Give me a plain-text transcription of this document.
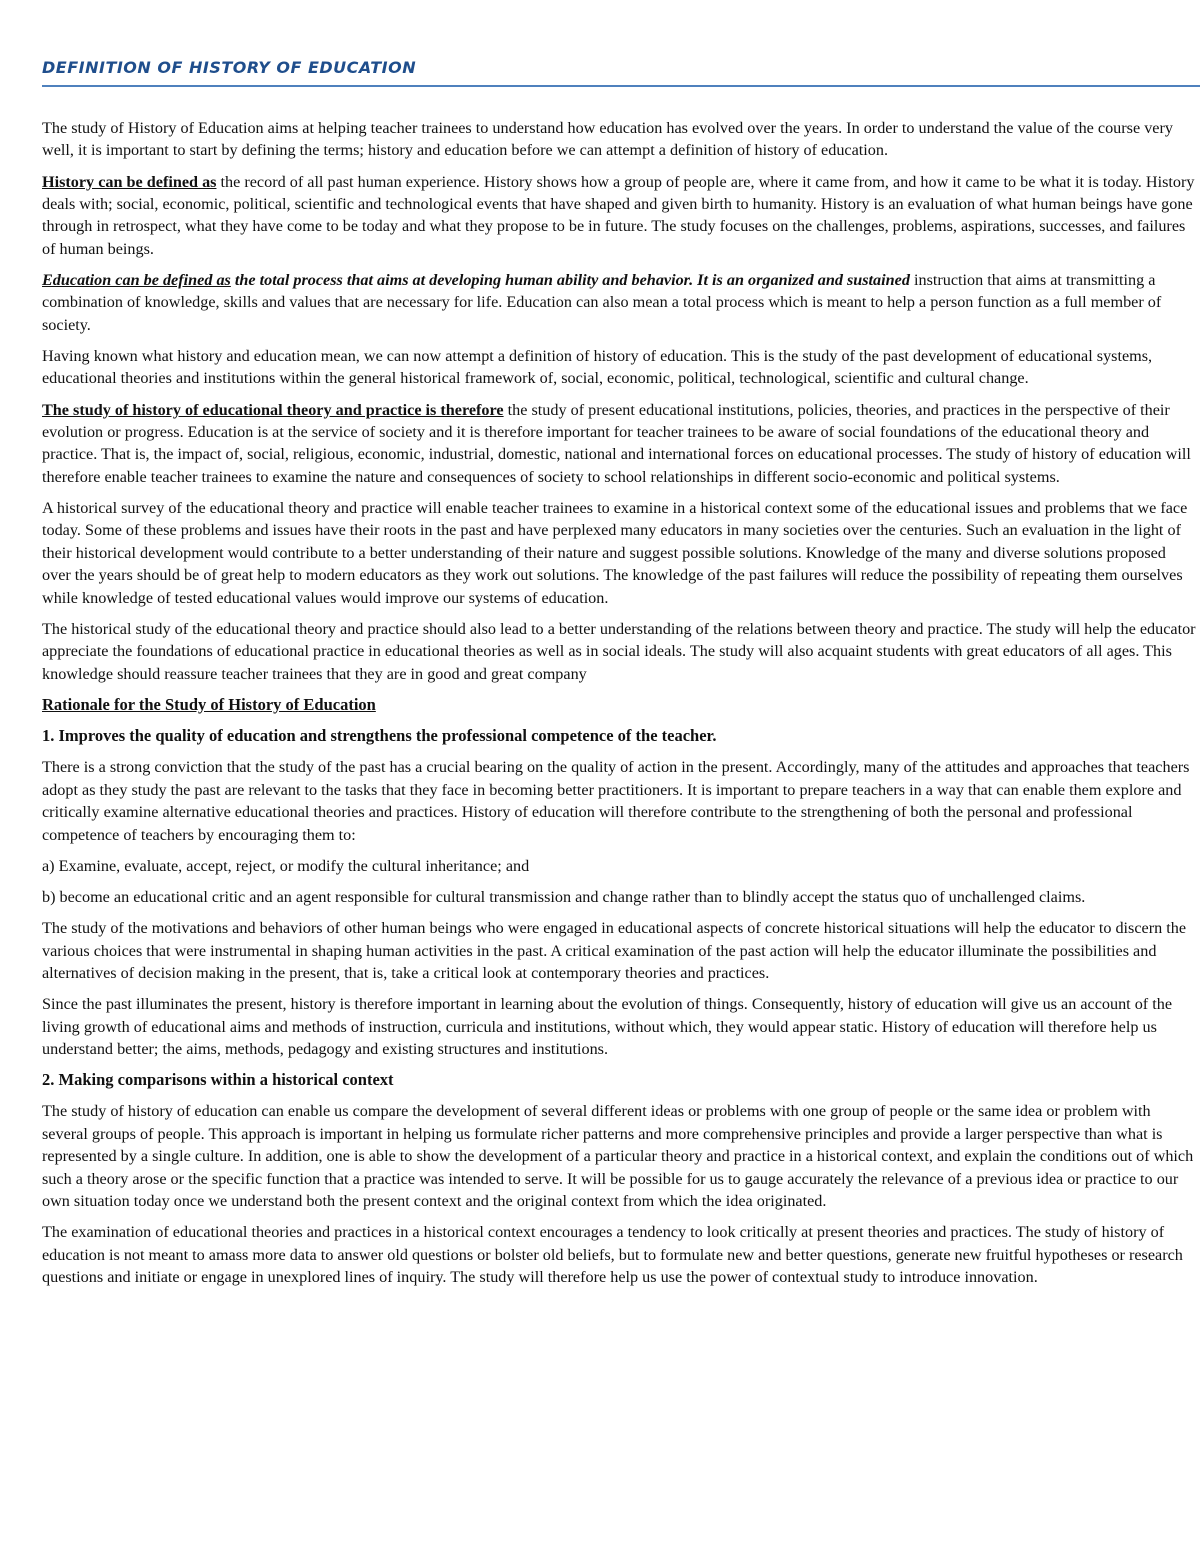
DEFINITION OF HISTORY OF EDUCATION

The study of History of Education aims at helping teacher trainees to understand how education has evolved over the years. In order to understand the value of the course very well, it is important to start by defining the terms; history and education before we can attempt a definition of history of education.

History can be defined as the record of all past human experience. History shows how a group of people are, where it came from, and how it came to be what it is today. History deals with; social, economic, political, scientific and technological events that have shaped and given birth to humanity. History is an evaluation of what human beings have gone through in retrospect, what they have come to be today and what they propose to be in future. The study focuses on the challenges, problems, aspirations, successes, and failures of human beings.

Education can be defined as the total process that aims at developing human ability and behavior. It is an organized and sustained instruction that aims at transmitting a combination of knowledge, skills and values that are necessary for life. Education can also mean a total process which is meant to help a person function as a full member of society.

Having known what history and education mean, we can now attempt a definition of history of education. This is the study of the past development of educational systems, educational theories and institutions within the general historical framework of, social, economic, political, technological, scientific and cultural change.

The study of history of educational theory and practice is therefore the study of present educational institutions, policies, theories, and practices in the perspective of their evolution or progress. Education is at the service of society and it is therefore important for teacher trainees to be aware of social foundations of the educational theory and practice. That is, the impact of, social, religious, economic, industrial, domestic, national and international forces on educational processes. The study of history of education will therefore enable teacher trainees to examine the nature and consequences of society to school relationships in different socio-economic and political systems.

A historical survey of the educational theory and practice will enable teacher trainees to examine in a historical context some of the educational issues and problems that we face today. Some of these problems and issues have their roots in the past and have perplexed many educators in many societies over the centuries. Such an evaluation in the light of their historical development would contribute to a better understanding of their nature and suggest possible solutions. Knowledge of the many and diverse solutions proposed over the years should be of great help to modern educators as they work out solutions. The knowledge of the past failures will reduce the possibility of repeating them ourselves while knowledge of tested educational values would improve our systems of education.

The historical study of the educational theory and practice should also lead to a better understanding of the relations between theory and practice. The study will help the educator appreciate the foundations of educational practice in educational theories as well as in social ideals. The study will also acquaint students with great educators of all ages. This knowledge should reassure teacher trainees that they are in good and great company

Rationale for the Study of History of Education
1. Improves the quality of education and strengthens the professional competence of the teacher.

There is a strong conviction that the study of the past has a crucial bearing on the quality of action in the present. Accordingly, many of the attitudes and approaches that teachers adopt as they study the past are relevant to the tasks that they face in becoming better practitioners. It is important to prepare teachers in a way that can enable them explore and critically examine alternative educational theories and practices. History of education will therefore contribute to the strengthening of both the personal and professional competence of teachers by encouraging them to:

a) Examine, evaluate, accept, reject, or modify the cultural inheritance; and

b) become an educational critic and an agent responsible for cultural transmission and change rather than to blindly accept the status quo of unchallenged claims.

The study of the motivations and behaviors of other human beings who were engaged in educational aspects of concrete historical situations will help the educator to discern the various choices that were instrumental in shaping human activities in the past. A critical examination of the past action will help the educator illuminate the possibilities and alternatives of decision making in the present, that is, take a critical look at contemporary theories and practices.

Since the past illuminates the present, history is therefore important in learning about the evolution of things. Consequently, history of education will give us an account of the living growth of educational aims and methods of instruction, curricula and institutions, without which, they would appear static. History of education will therefore help us understand better; the aims, methods, pedagogy and existing structures and institutions.

2. Making comparisons within a historical context

The study of history of education can enable us compare the development of several different ideas or problems with one group of people or the same idea or problem with several groups of people. This approach is important in helping us formulate richer patterns and more comprehensive principles and provide a larger perspective than what is represented by a single culture. In addition, one is able to show the development of a particular theory and practice in a historical context, and explain the conditions out of which such a theory arose or the specific function that a practice was intended to serve. It will be possible for us to gauge accurately the relevance of a previous idea or practice to our own situation today once we understand both the present context and the original context from which the idea originated.

The examination of educational theories and practices in a historical context encourages a tendency to look critically at present theories and practices. The study of history of education is not meant to amass more data to answer old questions or bolster old beliefs, but to formulate new and better questions, generate new fruitful hypotheses or research questions and initiate or engage in unexplored lines of inquiry. The study will therefore help us use the power of contextual study to introduce innovation.
